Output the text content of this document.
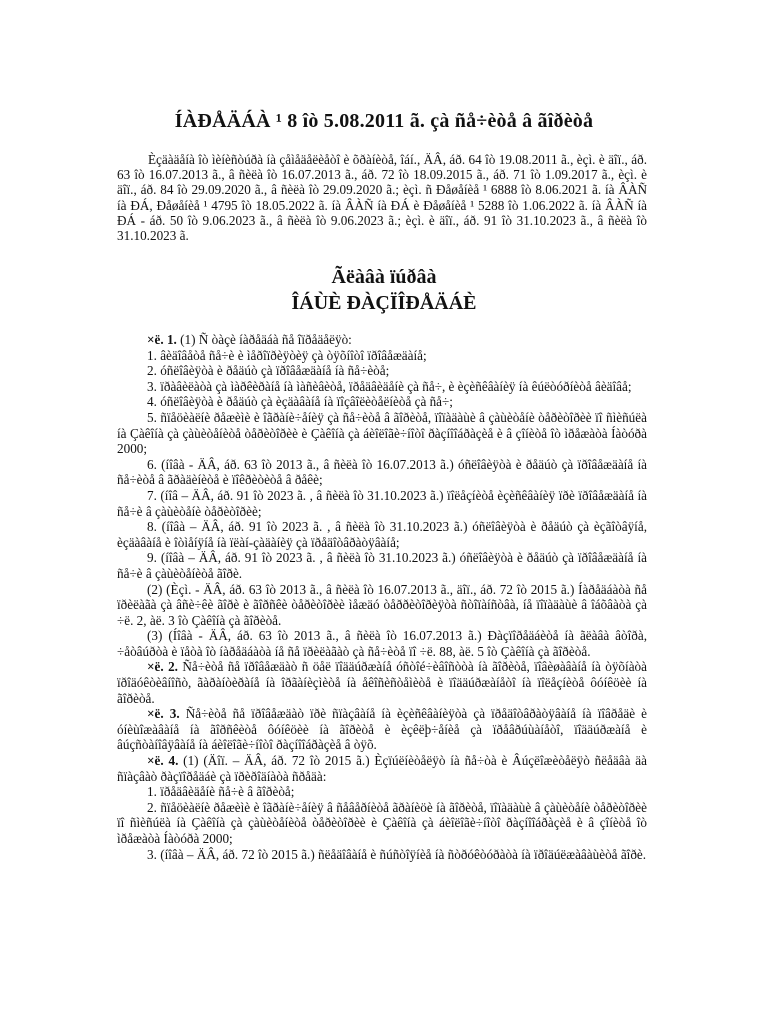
ÍÀÐÅÄÁÀ ¹ 8 îò 5.08.2011 ã. çà ñå÷èòå â ãîðèòå
Èçäàäåíà îò ìèíèñòúðà íà çåìåäåëèåòî è õðàíèòå, îáí., ÄÂ, áð. 64 îò 19.08.2011 ã., èçì. è äîï., áð. 63 îò 16.07.2013 ã., â ñèëà îò 16.07.2013 ã., áð. 72 îò 18.09.2015 ã., áð. 71 îò 1.09.2017 ã., èçì. è äîï., áð. 84 îò 29.09.2020 ã., â ñèëà îò 29.09.2020 ã.; èçì. ñ Ðåøåíèå ¹ 6888 îò 8.06.2021 ã. íà ÂÀÑ íà ÐÁ, Ðåøåíèå ¹ 4795 îò 18.05.2022 ã. íà ÂÀÑ íà ÐÁ è Ðåøåíèå ¹ 5288 îò 1.06.2022 ã. íà ÂÀÑ íà ÐÁ - áð. 50 îò 9.06.2023 ã., â ñèëà îò 9.06.2023 ã.; èçì. è äîï., áð. 91 îò 31.10.2023 ã., â ñèëà îò 31.10.2023 ã.
Ãëàâà ïúðâà
ÎÁÙÈ ÐÀÇÏÎÐÅÄÁÈ

×ë. 1. (1) Ñ òàçè íàðåäáà ñå îïðåäåëÿò:

1. âèäîâåòå ñå÷è è ìåðîïðèÿòèÿ çà òÿõíîòî ïðîâåæäàíå;

2. óñëîâèÿòà è ðåäúò çà ïðîâåæäàíå íà ñå÷èòå;

3. ïðàâèëàòà çà ìàðêèðàíå íà ìàñèâèòå, ïðåäâèäåíè çà ñå÷, è èçèñêâàíèÿ íà êúëòóðíèòå âèäîâå;

4. óñëîâèÿòà è ðåäúò çà èçäàâàíå íà ïîçâîëèòåëíèòå çà ñå÷;

5. ñïåöèàëíè ðåæèìè è îãðàíè÷åíèÿ çà ñå÷èòå â ãîðèòå, ïîïàäàùè â çàùèòåíè òåðèòîðèè ïî ñìèñúëà íà Çàêîíà çà çàùèòåíèòå òåðèòîðèè è Çàêîíà çà áèîëîãè÷íîòî ðàçíîîáðàçèå è â çîíèòå îò ìðåæàòà Íàòóðà 2000;

6. (íîâà - ÄÂ, áð. 63 îò 2013 ã., â ñèëà îò 16.07.2013 ã.) óñëîâèÿòà è ðåäúò çà ïðîâåæäàíå íà ñå÷èòå â ãðàäèíèòå è ïîêðèòèòå â ðåêè;

7. (íîâ – ÄÂ, áð. 91 îò 2023 ã. , â ñèëà îò 31.10.2023 ã.) ïîëåçíèòå èçèñêâàíèÿ ïðè ïðîâåæäàíå íà ñå÷è â çàùèòåíè òåðèòîðèè;

8. (íîâà – ÄÂ, áð. 91 îò 2023 ã. , â ñèëà îò 31.10.2023 ã.) óñëîâèÿòà è ðåäúò çà èçãîòâÿíå, èçäàâàíå è îòìåíÿíå íà ïëàí-çàäàíèÿ çà ïðåäîòâðàòÿâàíå;

9. (íîâà – ÄÂ, áð. 91 îò 2023 ã. , â ñèëà îò 31.10.2023 ã.) óñëîâèÿòà è ðåäúò çà ïðîâåæäàíå íà ñå÷è â çàùèòåíèòå ãîðè.

(2) (Èçì. - ÄÂ, áð. 63 îò 2013 ã., â ñèëà îò 16.07.2013 ã., äîï., áð. 72 îò 2015 ã.) Íàðåäáàòà ñå ïðèëàãà çà âñè÷êè ãîðè è ãîðñêè òåðèòîðèè ìåæäó òåððèòîðèÿòà ñòîïàíñòâà, íå ïîïàäàùè â îáõâàòà çà ÷ë. 2, àë. 3 îò Çàêîíà çà ãîðèòå.

(3) (Íîâà - ÄÂ, áð. 63 îò 2013 ã., â ñèëà îò 16.07.2013 ã.) Ðàçïîðåäáèòå íà ãëàâà âòîðà, ÷åòâúðòà è ïåòà îò íàðåäáàòà íå ñå ïðèëàãàò çà ñå÷èòå ïî ÷ë. 88, àë. 5 îò Çàêîíà çà ãîðèòå.

×ë. 2. Ñå÷èòå ñå ïðîâåæäàò ñ öåë ïîääúðæàíå óñòîé÷èâîñòòà íà ãîðèòå, ïîâèøàâàíå íà òÿõíàòà ïðîäóêòèâíîñò, ãàðàíòèðàíå íà îðãàíèçìèòå íà åêîñèñòåìèòå è ïîääúðæàíåòî íà ïîëåçíèòå ôóíêöèè íà ãîðèòå.

×ë. 3. Ñå÷èòå ñå ïðîâåæäàò ïðè ñïàçâàíå íà èçèñêâàíèÿòà çà ïðåäîòâðàòÿâàíå íà ïîâðåäè è óíèùîæàâàíå íà ãîðñêèòå ôóíêöèè íà ãîðèòå è èçêëþ÷åíèå çà ïðåâðúùàíåòî, ïîääúðæàíå è âúçñòàíîâÿâàíå íà áèîëîãè÷íîòî ðàçíîîáðàçèå â òÿõ.

×ë. 4. (1) (Äîï. – ÄÂ, áð. 72 îò 2015 ã.) Èçïúëíèòåëÿò íà ñå÷òà è Âúçëîæèòåëÿò ñëåäâà äà ñïàçâàò ðàçïîðåäáè çà ïðèðîäíàòà ñðåäà:

1. ïðåäâèäåíè ñå÷è â ãîðèòå;

2. ñïåöèàëíè ðåæèìè è îãðàíè÷åíèÿ â ñåâåðíèòå ãðàíèöè íà ãîðèòå, ïîïàäàùè â çàùèòåíè òåðèòîðèè ïî ñìèñúëà íà Çàêîíà çà çàùèòåíèòå òåðèòîðèè è Çàêîíà çà áèîëîãè÷íîòî ðàçíîîáðàçèå è â çîíèòå îò ìðåæàòà Íàòóðà 2000;

3. (íîâà – ÄÂ, áð. 72 îò 2015 ã.) ñëåäîâàíå è ñúñòîÿíèå íà ñòðóêòóðàòà íà ïðîäúëæàâàùèòå ãîðè.
